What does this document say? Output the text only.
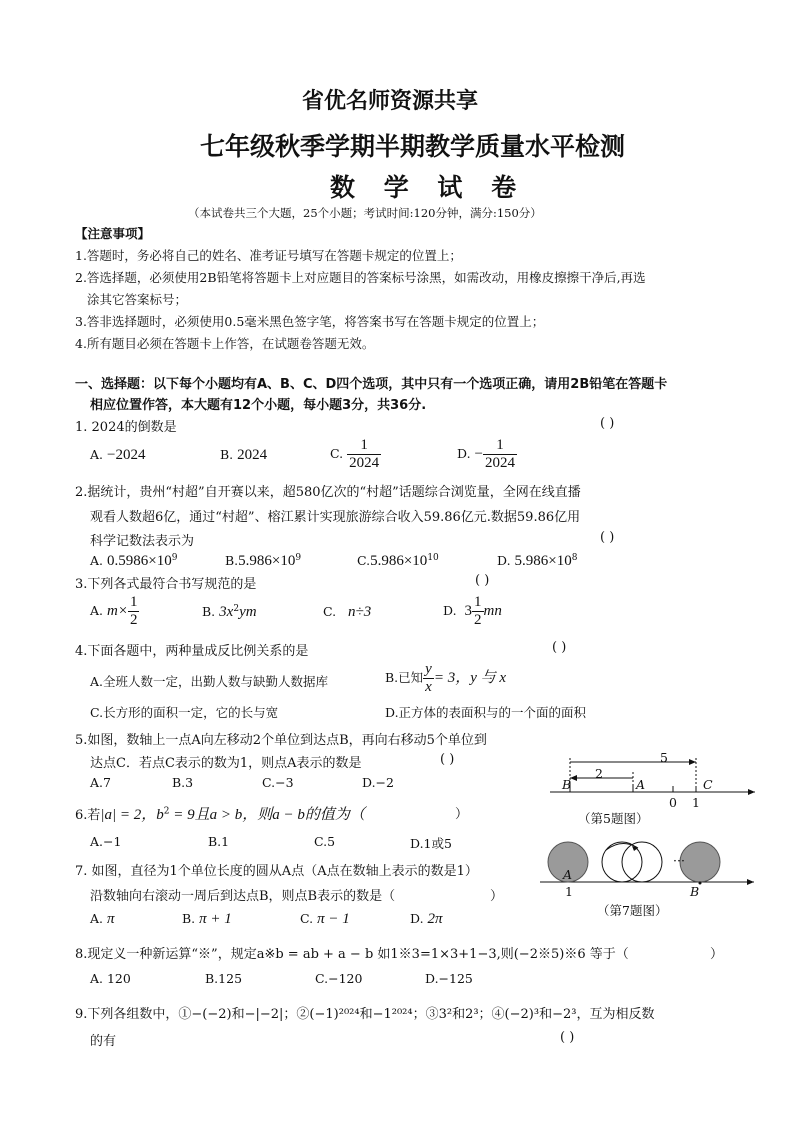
省优名师资源共享
七年级秋季学期半期教学质量水平检测
数 学 试 卷
（本试卷共三个大题，25个小题；考试时间:120分钟，满分:150分）
【注意事项】
1.答题时，务必将自己的姓名、准考证号填写在答题卡规定的位置上；
2.答选择题，必须使用2B铅笔将答题卡上对应题目的答案标号涂黑，如需改动，用橡皮擦擦干净后,再选
涂其它答案标号；
3.答非选择题时，必须使用0.5毫米黑色签字笔，将答案书写在答题卡规定的位置上；
4.所有题目必须在答题卡上作答，在试题卷答题无效。
一、选择题：以下每个小题均有A、B、C、D四个选项，其中只有一个选项正确，请用2B铅笔在答题卡
相应位置作答，本大题有12个小题，每小题3分，共36分.
1. 2024的倒数是	( )
A. −2024	B. 2024	C. $\frac{1}{2024}$	D. − $\frac{1}{2024}$
2.据统计，贵州“村超”自开赛以来，超580亿次的“村超”话题综合浏览量，全网在线直播
观看人数超6亿，通过“村超”、榕江累计实现旅游综合收入59.86亿元.数据59.86亿用
科学记数法表示为	( )
A. $0.5986\times 10^9$	$B.5.986\times 10^9$	$C.5.986\times 10^{10}$	D. $5.986\times 10^8$
3.下列各式最符合书写规范的是	( )
A. $m\times \frac{1}{2}$	B. $3x^2ym$	C. n÷3	D. $3 \frac{1}{2}$ mn
4.下面各题中，两种量成反比例关系的是	( )
A.全班人数一定，出勤人数与缺勤人数据库	B.已知 $\frac{y}{x} = 3$，y 与 x
C.长方形的面积一定，它的长与宽	D.正方体的表面积与的一个面的面积
5.如图，数轴上一点A向左移动2个单位到达点B，再向右移动5个单位到
达点C．若点C表示的数为1，则点A表示的数是	( )
A.7	B.3	C.−3	D.−2
5
2
B	A	C
0 1
（第5题图）
6.若|a| = 2，$b^2 = 9$且a > b，则a − b的值为（	）
A.−1	B.1	C.5	D.1或5
7. 如图，直径为1个单位长度的圆从A点（A点在数轴上表示的数是1）
沿数轴向右滚动一周后到达点B，则点B表示的数是（	）
A. π	B. π + 1	C. π − 1	D. 2π
···
A
1	B
（第7题图）
8.现定义一种新运算“※”，规定a※b = ab + a − b 如1※3=1×3+1−3,则(−2※5)※6 等于（	）
A. 120	B.125	C.−120	D.−125
9.下列各组数中，①−(−2)和−|−2|；②(−1)²⁰²⁴和−1²⁰²⁴；③3²和2³；④(−2)³和−2³，互为相反数
的有	( )
